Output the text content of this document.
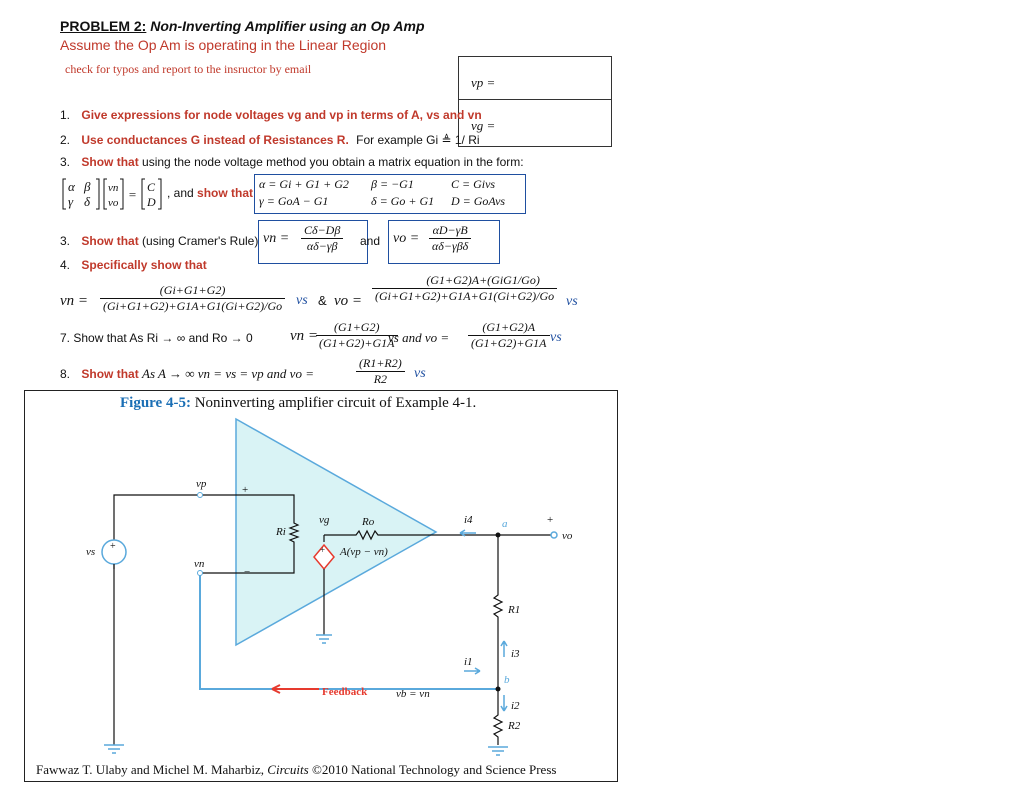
PROBLEM 2: Non-Inverting Amplifier using an Op Amp
Assume the Op Am is operating in the Linear Region
check for typos and report to the insructor by email
vp =
vg =
1. Give expressions for node voltages vg and vp in terms of A, vs and vn
2. Use conductances G instead of Resistances R. For example Gi ≜ 1/ Ri
3. Show that using the node voltage method you obtain a matrix equation in the form:
α β
γ δ
vn
vo
= C
D
, and show that
α = Gi + G1 + G2 β = −G1	C = Givs
γ = GoA − G1	δ = Go + G1 D = GoAvs
3. Show that (using Cramer's Rule) vn = $\frac{C\delta-D\beta}{\alpha\delta-\gamma\beta}$ and vo =
αD−γB
αδ−γβδ
4. Specifically show that
vn = $\frac{(Gi+G1+G2)}{(Gi+G1+G2)+G1A+G1(Gi+G2)/Go}$ vs & vo =
(G1+G2)A+(GiG1/Go)
(Gi+G1+G2)+G1A+G1(Gi+G2)/Go vs
7. Show that As Ri → ∞ and Ro → 0 vn =
$\frac{(G1+G2)}{(G1+G2)+G1A}$
vs and vo = $\frac{(G1+G2)A}{(G1+G2)+G1A}$ vs
8. Show that As A → ∞ vn = vs = vp and vo =	$\frac{(R1+R2)}{R2}$ vs
Figure 4-5: Noninverting amplifier circuit of Example 4-1.
vp	+
−
vn
vs +
Ri
vg	Ro
A(vp − vn)
+
i4	a	+
vo
R1
i3
i1
b
i2
R2
Feedback	vb = vn
Fawwaz T. Ulaby and Michel M. Maharbiz, Circuits ©2010 National Technology and Science Press
